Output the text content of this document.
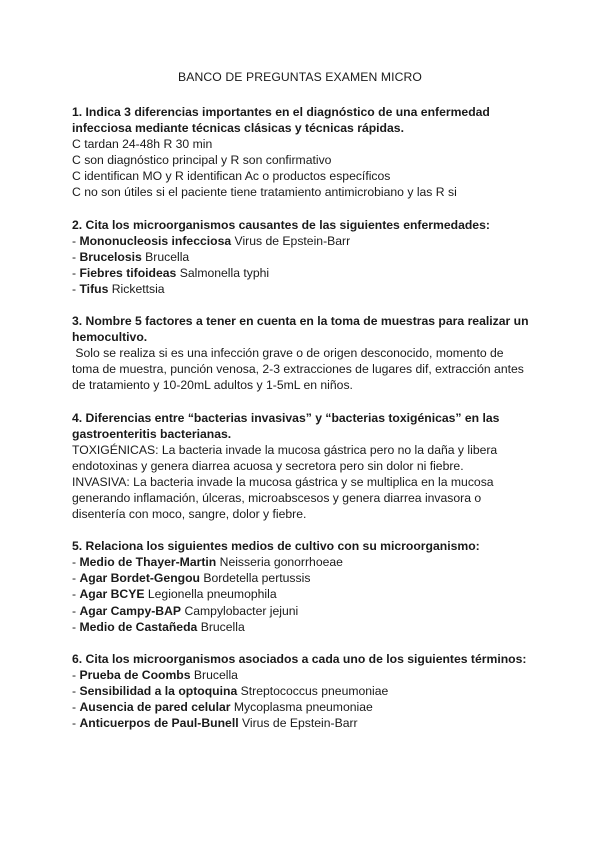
BANCO DE PREGUNTAS EXAMEN MICRO
1. Indica 3 diferencias importantes en el diagnóstico de una enfermedad
infecciosa mediante técnicas clásicas y técnicas rápidas.
C tardan 24-48h R 30 min
C son diagnóstico principal y R son confirmativo
C identifican MO y R identifican Ac o productos específicos
C no son útiles si el paciente tiene tratamiento antimicrobiano y las R si
2. Cita los microorganismos causantes de las siguientes enfermedades:
- Mononucleosis infecciosa Virus de Epstein-Barr
- Brucelosis Brucella
- Fiebres tifoideas Salmonella typhi
- Tifus Rickettsia
3. Nombre 5 factores a tener en cuenta en la toma de muestras para realizar un
hemocultivo.
Solo se realiza si es una infección grave o de origen desconocido, momento de
toma de muestra, punción venosa, 2-3 extracciones de lugares dif, extracción antes
de tratamiento y 10-20mL adultos y 1-5mL en niños.
4. Diferencias entre “bacterias invasivas” y “bacterias toxigénicas” en las
gastroenteritis bacterianas.
TOXIGÉNICAS: La bacteria invade la mucosa gástrica pero no la daña y libera
endotoxinas y genera diarrea acuosa y secretora pero sin dolor ni fiebre.
INVASIVA: La bacteria invade la mucosa gástrica y se multiplica en la mucosa
generando inflamación, úlceras, microabscesos y genera diarrea invasora o
disentería con moco, sangre, dolor y fiebre.
5. Relaciona los siguientes medios de cultivo con su microorganismo:
- Medio de Thayer-Martin Neisseria gonorrhoeae
- Agar Bordet-Gengou Bordetella pertussis
- Agar BCYE Legionella pneumophila
- Agar Campy-BAP Campylobacter jejuni
- Medio de Castañeda Brucella
6. Cita los microorganismos asociados a cada uno de los siguientes términos:
- Prueba de Coombs Brucella
- Sensibilidad a la optoquina Streptococcus pneumoniae
- Ausencia de pared celular Mycoplasma pneumoniae
- Anticuerpos de Paul-Bunell Virus de Epstein-Barr
